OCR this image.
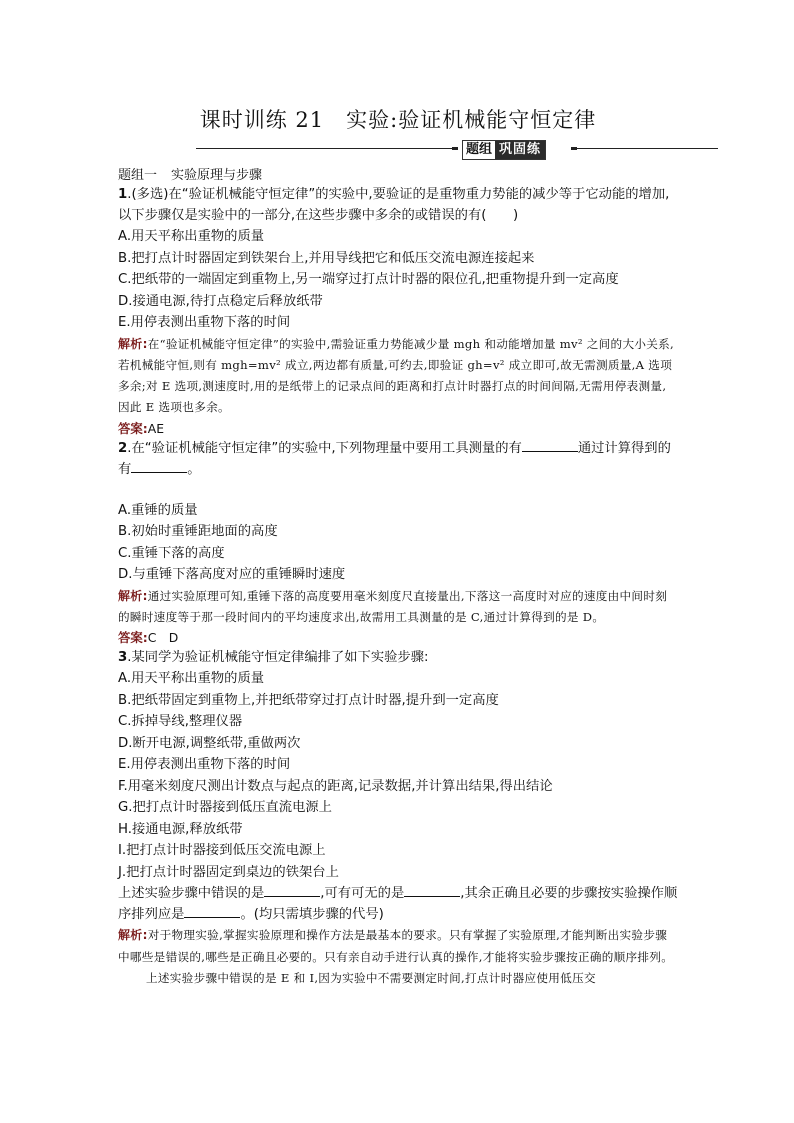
课时训练 21　实验:验证机械能守恒定律
题组 巩固练
题组一 实验原理与步骤

1.(多选)在“验证机械能守恒定律”的实验中,要验证的是重物重力势能的减少等于它动能的增加,以下步骤仅是实验中的一部分,在这些步骤中多余的或错误的有(　　)

A.用天平称出重物的质量

B.把打点计时器固定到铁架台上,并用导线把它和低压交流电源连接起来

C.把纸带的一端固定到重物上,另一端穿过打点计时器的限位孔,把重物提升到一定高度

D.接通电源,待打点稳定后释放纸带

E.用停表测出重物下落的时间

解析:在“验证机械能守恒定律”的实验中,需验证重力势能减少量 mgh 和动能增加量 mv² 之间的大小关系,若机械能守恒,则有 mgh=mv² 成立,两边都有质量,可约去,即验证 gh=v² 成立即可,故无需测质量,A 选项多余;对 E 选项,测速度时,用的是纸带上的记录点间的距离和打点计时器打点的时间间隔,无需用停表测量,因此 E 选项也多余。

答案:AE

2.在“验证机械能守恒定律”的实验中,下列物理量中要用工具测量的有	通过计算得到的有	。

A.重锤的质量

B.初始时重锤距地面的高度

C.重锤下落的高度

D.与重锤下落高度对应的重锤瞬时速度

解析:通过实验原理可知,重锤下落的高度要用毫米刻度尺直接量出,下落这一高度时对应的速度由中间时刻的瞬时速度等于那一段时间内的平均速度求出,故需用工具测量的是 C,通过计算得到的是 D。

答案:C　D

3.某同学为验证机械能守恒定律编排了如下实验步骤:

A.用天平称出重物的质量

B.把纸带固定到重物上,并把纸带穿过打点计时器,提升到一定高度

C.拆掉导线,整理仪器

D.断开电源,调整纸带,重做两次

E.用停表测出重物下落的时间

F.用毫米刻度尺测出计数点与起点的距离,记录数据,并计算出结果,得出结论

G.把打点计时器接到低压直流电源上

H.接通电源,释放纸带

I.把打点计时器接到低压交流电源上

J.把打点计时器固定到桌边的铁架台上

上述实验步骤中错误的是	,可有可无的是	,其余正确且必要的步骤按实验操作顺序排列应是	。(均只需填步骤的代号)

解析:对于物理实验,掌握实验原理和操作方法是最基本的要求。只有掌握了实验原理,才能判断出实验步骤中哪些是错误的,哪些是正确且必要的。只有亲自动手进行认真的操作,才能将实验步骤按正确的顺序排列。

上述实验步骤中错误的是 E 和 I,因为实验中不需要测定时间,打点计时器应使用低压交
